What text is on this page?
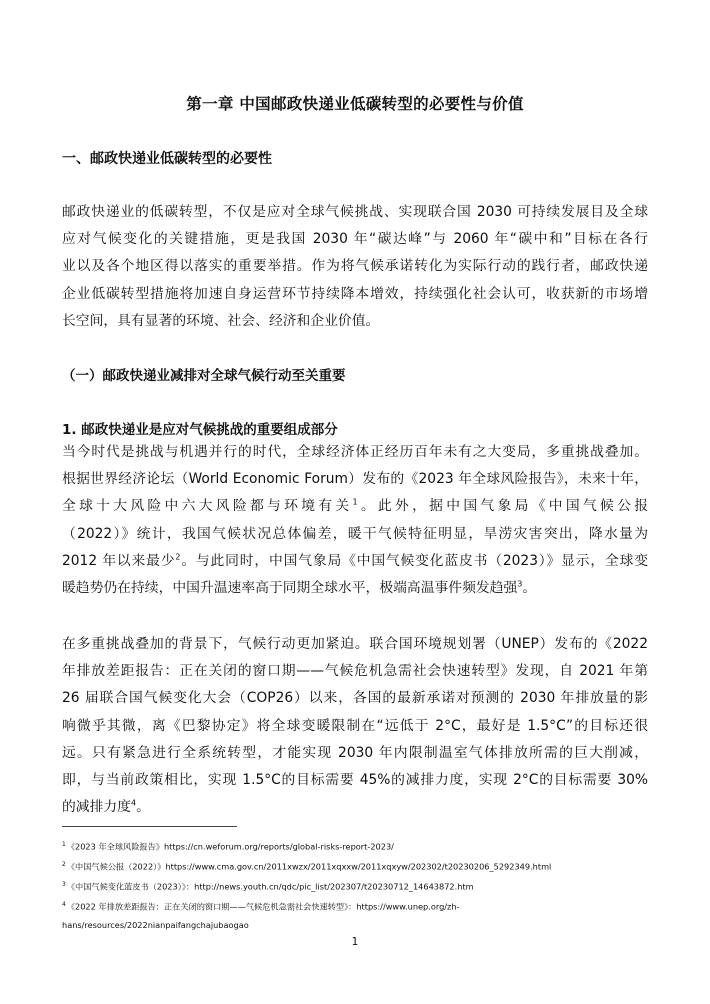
第一章 中国邮政快递业低碳转型的必要性与价值
一、邮政快递业低碳转型的必要性
邮政快递业的低碳转型，不仅是应对全球气候挑战、实现联合国 2030 可持续发展目及全球
应对气候变化的关键措施，更是我国 2030 年“碳达峰”与 2060 年“碳中和”目标在各行
业以及各个地区得以落实的重要举措。作为将气候承诺转化为实际行动的践行者，邮政快递
企业低碳转型措施将加速自身运营环节持续降本增效，持续强化社会认可，收获新的市场增
长空间，具有显著的环境、社会、经济和企业价值。
（一）邮政快递业减排对全球气候行动至关重要
1. 邮政快递业是应对气候挑战的重要组成部分
当今时代是挑战与机遇并行的时代，全球经济体正经历百年未有之大变局，多重挑战叠加。
根据世界经济论坛（World Economic Forum）发布的《2023 年全球风险报告》，未来十年，
全球十大风险中六大风险都与环境有关$^1$。此外，据中国气象局《中国气候公报
（2022）》统计，我国气候状况总体偏差，暖干气候特征明显，旱涝灾害突出，降水量为
2012 年以来最少$^2$。与此同时，中国气象局《中国气候变化蓝皮书（2023）》显示，全球变
暖趋势仍在持续，中国升温速率高于同期全球水平，极端高温事件频发趋强$^3$。
在多重挑战叠加的背景下，气候行动更加紧迫。联合国环境规划署（UNEP）发布的《2022
年排放差距报告：正在关闭的窗口期——气候危机急需社会快速转型》发现，自 2021 年第
26 届联合国气候变化大会（COP26）以来，各国的最新承诺对预测的 2030 年排放量的影
响微乎其微，离《巴黎协定》将全球变暖限制在“远低于 2°C，最好是 1.5°C”的目标还很
远。只有紧急进行全系统转型，才能实现 2030 年内限制温室气体排放所需的巨大削减，
即，与当前政策相比，实现 1.5°C的目标需要 45%的减排力度，实现 2°C的目标需要 30%
的减排力度$^4$。
$^1$《2023 年全球风险报告》https://cn.weforum.org/reports/global-risks-report-2023/
$^2$《中国气候公报（2022）》https://www.cma.gov.cn/2011xwzx/2011xqxxw/2011xqxyw/202302/t20230206_5292349.html
$^3$《中国气候变化蓝皮书（2023）》：http://news.youth.cn/qdc/pic_list/202307/t20230712_14643872.htm
$^4$《2022 年排放差距报告：正在关闭的窗口期——气候危机急需社会快速转型》：https://www.unep.org/zh-
hans/resources/2022nianpaifangchajubaogao
1
